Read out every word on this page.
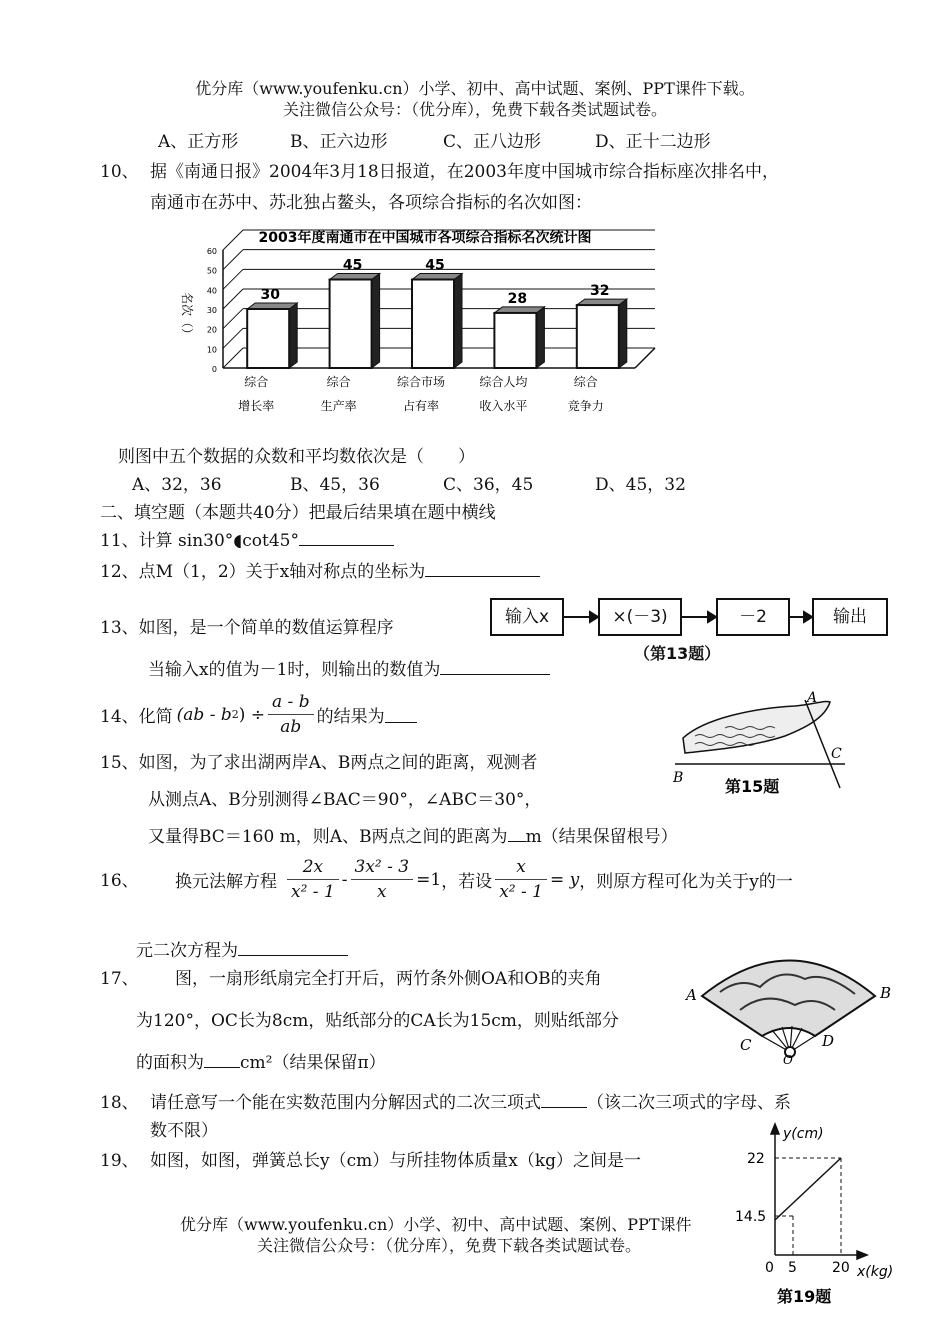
优分库（www.youfenku.cn）小学、初中、高中试题、案例、PPT课件下载。
关注微信公众号：（优分库），免费下载各类试题试卷。
A、正方形	B、正六边形	C、正八边形	D、正十二边形
10、 据《南通日报》2004年3月18日报道，在2003年度中国城市综合指标座次排名中，
南通市在苏中、苏北独占鳌头，各项综合指标的名次如图：
2003年度南通市在中国城市各项综合指标名次统计图
名次（）
0
10
20
30
40
50
60
30
45	45
28	32
综合
增长率
综合
生产率
综合市场
占有率
综合人均
收入水平
综合
竞争力
则图中五个数据的众数和平均数依次是（　　）
A、32，36	B、45，36	C、36，45	D、45，32
二、填空题（本题共40分）把最后结果填在题中横线
11、计算 sin30°◖cot45°
12、点M（1，2）关于x轴对称点的坐标为
13、如图，是一个简单的数值运算程序
当输入x的值为－1时，则输出的数值为
输入x	×(－3)	－2	输出
（第13题）
14、 化简 (ab - b 2 ) ÷ $\frac{a - b}{ab}$ 的结果为
A
B
C
第15题
15、如图，为了求出湖两岸A、B两点之间的距离，观测者
从测点A、B分别测得∠BAC＝90°，∠ABC＝30°，
又量得BC＝160 m，则A、B两点之间的距离为 m（结果保留根号）
16、 换元法解方程 $\frac{2x}{\text{x² - 1}} - \frac{\text{3x² - 3}}{x} =1$ ，若设 $\frac{x}{\text{x² - 1}} = y$ ，则原方程可化为关于y的一
元二次方程为
A	B
C	D
O
17、 图，一扇形纸扇完全打开后，两竹条外侧OA和OB的夹角
为120°，OC长为8cm，贴纸部分的CA长为15cm，则贴纸部分
的面积为 cm²（结果保留π）
18、 请任意写一个能在实数范围内分解因式的二次三项式	（该二次三项式的字母、系
数不限）
19、 如图，如图，弹簧总长y（cm）与所挂物体质量x（kg）之间是一
y(cm)
22
14.5
0 5	20 x(kg)
第19题
优分库（www.youfenku.cn）小学、初中、高中试题、案例、PPT课件
关注微信公众号：（优分库），免费下载各类试题试卷。
